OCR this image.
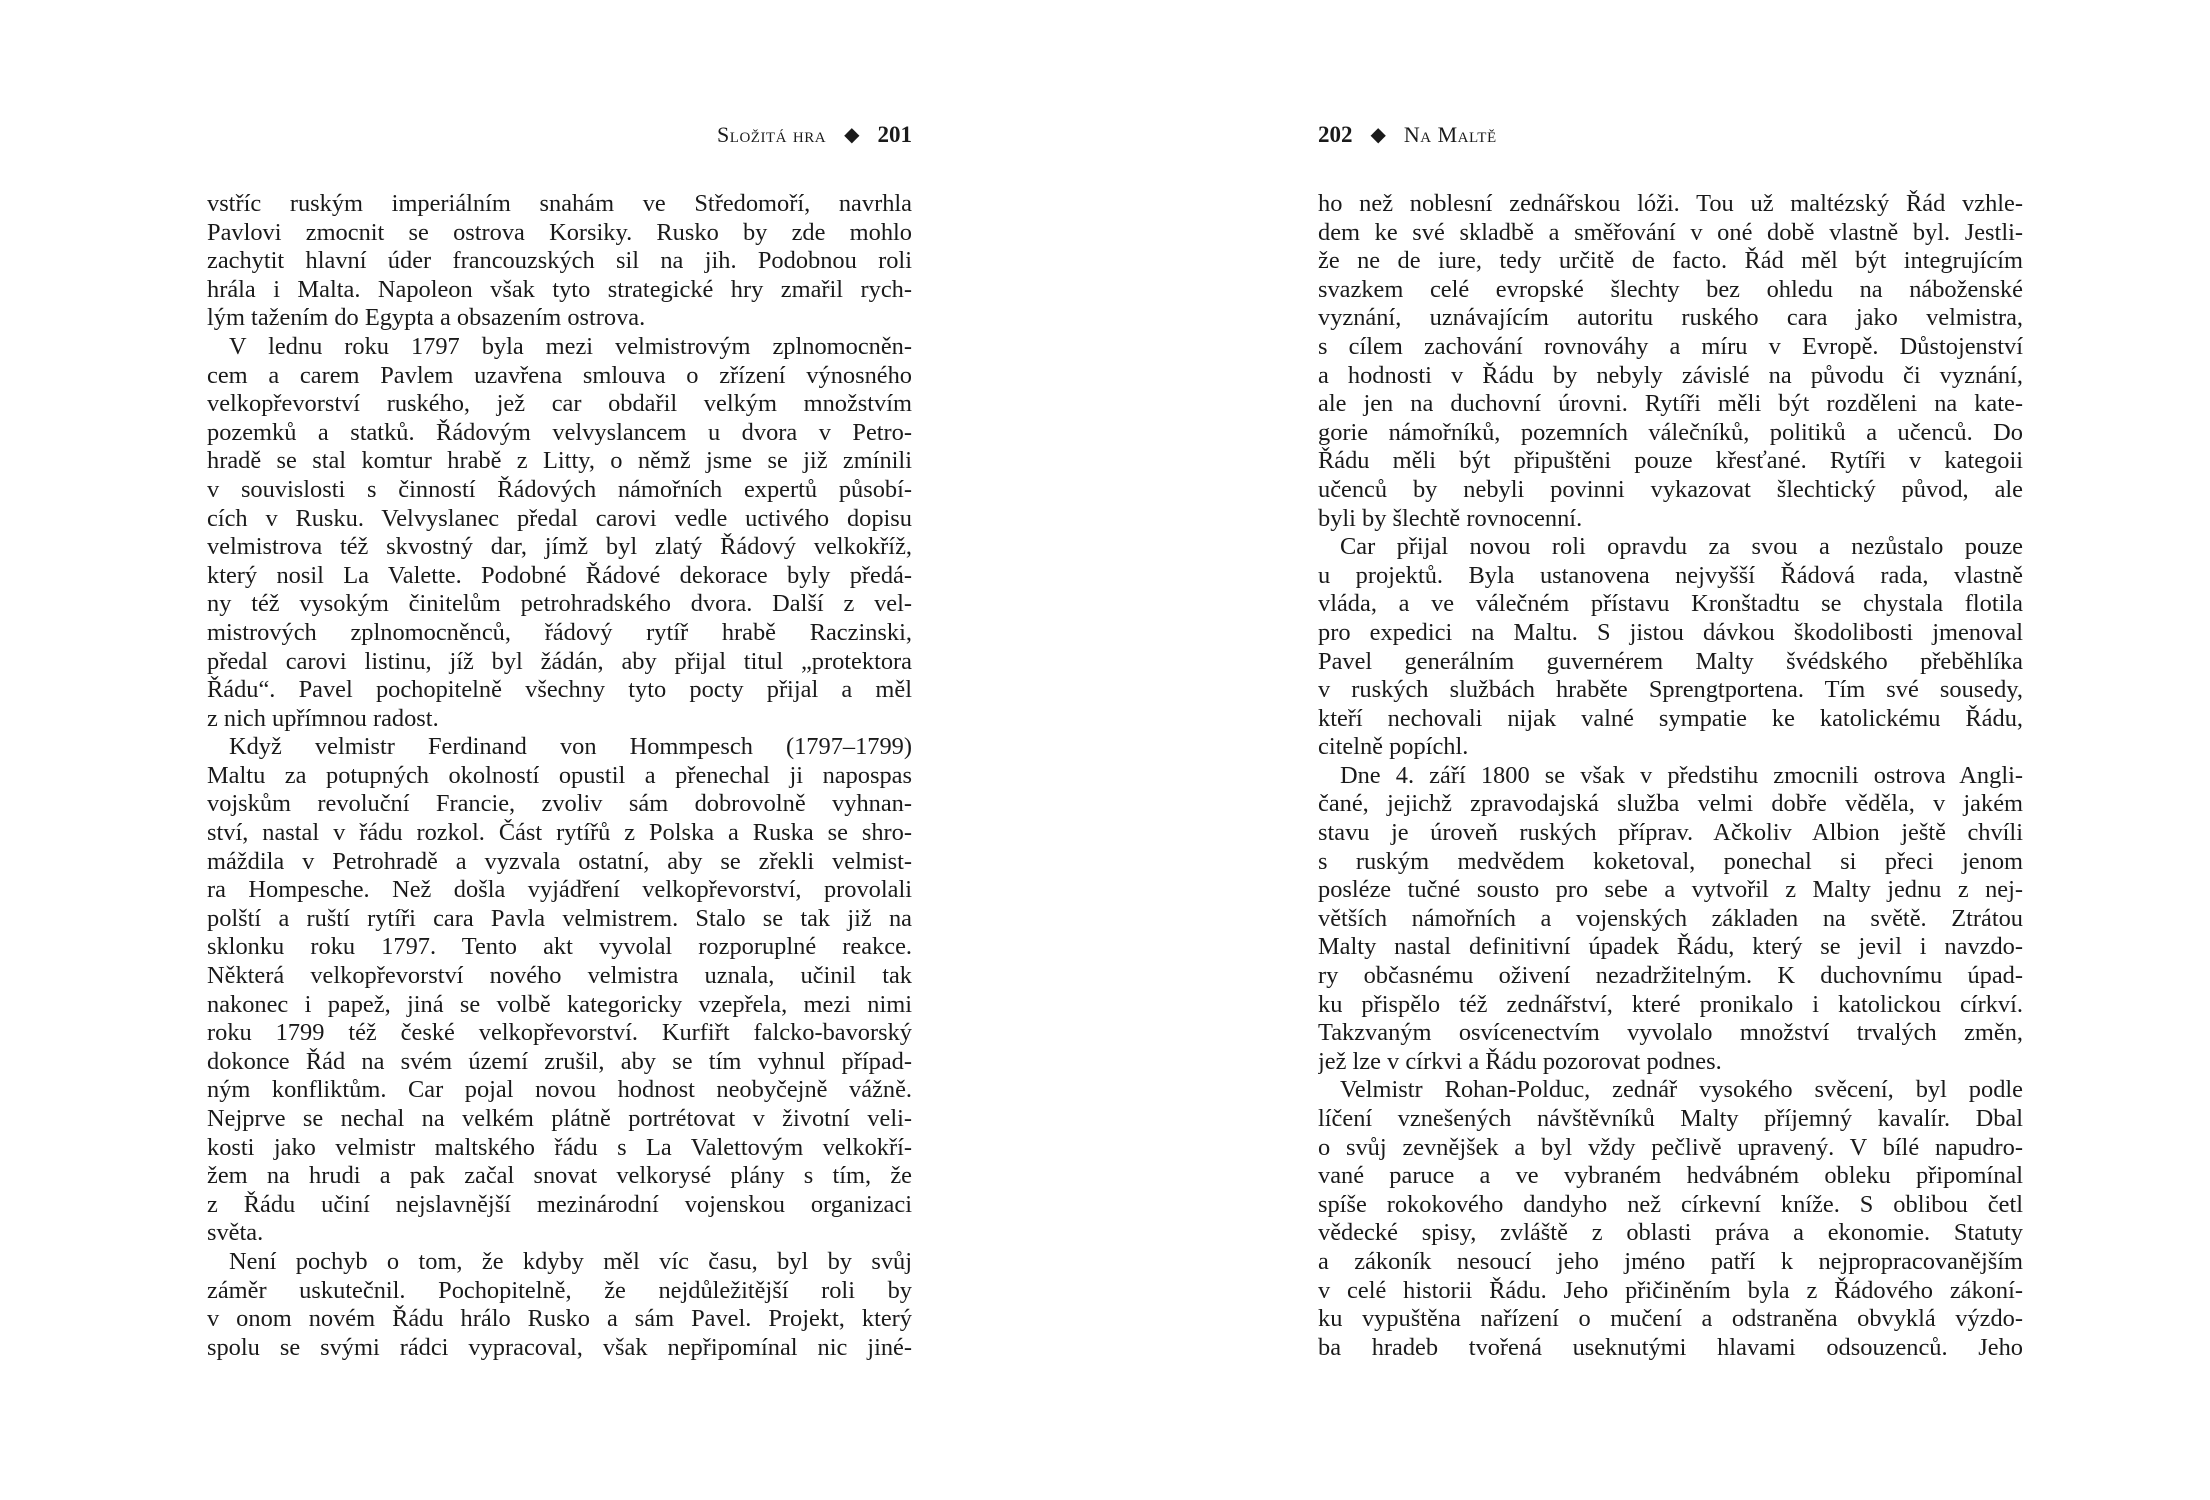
Složitá hra ◆ 201
vstříc ruským imperiálním snahám ve Středomoří, navrhla
Pavlovi zmocnit se ostrova Korsiky. Rusko by zde mohlo
zachytit hlavní úder francouzských sil na jih. Podobnou roli
hrála i Malta. Napoleon však tyto strategické hry zmařil rych-
lým tažením do Egypta a obsazením ostrova.
V lednu roku 1797 byla mezi velmistrovým zplnomocněn-
cem a carem Pavlem uzavřena smlouva o zřízení výnosného
velkopřevorství ruského, jež car obdařil velkým množstvím
pozemků a statků. Řádovým velvyslancem u dvora v Petro-
hradě se stal komtur hrabě z Litty, o němž jsme se již zmínili
v souvislosti s činností Řádových námořních expertů působí-
cích v Rusku. Velvyslanec předal carovi vedle uctivého dopisu
velmistrova též skvostný dar, jímž byl zlatý Řádový velkokříž,
který nosil La Valette. Podobné Řádové dekorace byly předá-
ny též vysokým činitelům petrohradského dvora. Další z vel-
mistrových zplnomocněnců, řádový rytíř hrabě Raczinski,
předal carovi listinu, jíž byl žádán, aby přijal titul „protektora
Řádu“. Pavel pochopitelně všechny tyto pocty přijal a měl
z nich upřímnou radost.
Když velmistr Ferdinand von Hommpesch (1797–1799)
Maltu za potupných okolností opustil a přenechal ji napospas
vojskům revoluční Francie, zvoliv sám dobrovolně vyhnan-
ství, nastal v řádu rozkol. Část rytířů z Polska a Ruska se shro-
máždila v Petrohradě a vyzvala ostatní, aby se zřekli velmist-
ra Hompesche. Než došla vyjádření velkopřevorství, provolali
polští a ruští rytíři cara Pavla velmistrem. Stalo se tak již na
sklonku roku 1797. Tento akt vyvolal rozporuplné reakce.
Některá velkopřevorství nového velmistra uznala, učinil tak
nakonec i papež, jiná se volbě kategoricky vzepřela, mezi nimi
roku 1799 též české velkopřevorství. Kurfiřt falcko-bavorský
dokonce Řád na svém území zrušil, aby se tím vyhnul případ-
ným konfliktům. Car pojal novou hodnost neobyčejně vážně.
Nejprve se nechal na velkém plátně portrétovat v životní veli-
kosti jako velmistr maltského řádu s La Valettovým velkokří-
žem na hrudi a pak začal snovat velkorysé plány s tím, že
z Řádu učiní nejslavnější mezinárodní vojenskou organizaci
světa.
Není pochyb o tom, že kdyby měl víc času, byl by svůj
záměr uskutečnil. Pochopitelně, že nejdůležitější roli by
v onom novém Řádu hrálo Rusko a sám Pavel. Projekt, který
spolu se svými rádci vypracoval, však nepřipomínal nic jiné-
202 ◆ Na Maltě
ho než noblesní zednářskou lóži. Tou už maltézský Řád vzhle-
dem ke své skladbě a směřování v oné době vlastně byl. Jestli-
že ne de iure, tedy určitě de facto. Řád měl být integrujícím
svazkem celé evropské šlechty bez ohledu na náboženské
vyznání, uznávajícím autoritu ruského cara jako velmistra,
s cílem zachování rovnováhy a míru v Evropě. Důstojenství
a hodnosti v Řádu by nebyly závislé na původu či vyznání,
ale jen na duchovní úrovni. Rytíři měli být rozděleni na kate-
gorie námořníků, pozemních válečníků, politiků a učenců. Do
Řádu měli být připuštěni pouze křesťané. Rytíři v kategoii
učenců by nebyli povinni vykazovat šlechtický původ, ale
byli by šlechtě rovnocenní.
Car přijal novou roli opravdu za svou a nezůstalo pouze
u projektů. Byla ustanovena nejvyšší Řádová rada, vlastně
vláda, a ve válečném přístavu Kronštadtu se chystala flotila
pro expedici na Maltu. S jistou dávkou škodolibosti jmenoval
Pavel generálním guvernérem Malty švédského přeběhlíka
v ruských službách hraběte Sprengtportena. Tím své sousedy,
kteří nechovali nijak valné sympatie ke katolickému Řádu,
citelně popíchl.
Dne 4. září 1800 se však v předstihu zmocnili ostrova Angli-
čané, jejichž zpravodajská služba velmi dobře věděla, v jakém
stavu je úroveň ruských příprav. Ačkoliv Albion ještě chvíli
s ruským medvědem koketoval, ponechal si přeci jenom
posléze tučné sousto pro sebe a vytvořil z Malty jednu z nej-
větších námořních a vojenských základen na světě. Ztrátou
Malty nastal definitivní úpadek Řádu, který se jevil i navzdo-
ry občasnému oživení nezadržitelným. K duchovnímu úpad-
ku přispělo též zednářství, které pronikalo i katolickou církví.
Takzvaným osvícenectvím vyvolalo množství trvalých změn,
jež lze v církvi a Řádu pozorovat podnes.
Velmistr Rohan-Polduc, zednář vysokého svěcení, byl podle
líčení vznešených návštěvníků Malty příjemný kavalír. Dbal
o svůj zevnějšek a byl vždy pečlivě upravený. V bílé napudro-
vané paruce a ve vybraném hedvábném obleku připomínal
spíše rokokového dandyho než církevní kníže. S oblibou četl
vědecké spisy, zvláště z oblasti práva a ekonomie. Statuty
a zákoník nesoucí jeho jméno patří k nejpropracovanějším
v celé historii Řádu. Jeho přičiněním byla z Řádového zákoní-
ku vypuštěna nařízení o mučení a odstraněna obvyklá výzdo-
ba hradeb tvořená useknutými hlavami odsouzenců. Jeho
